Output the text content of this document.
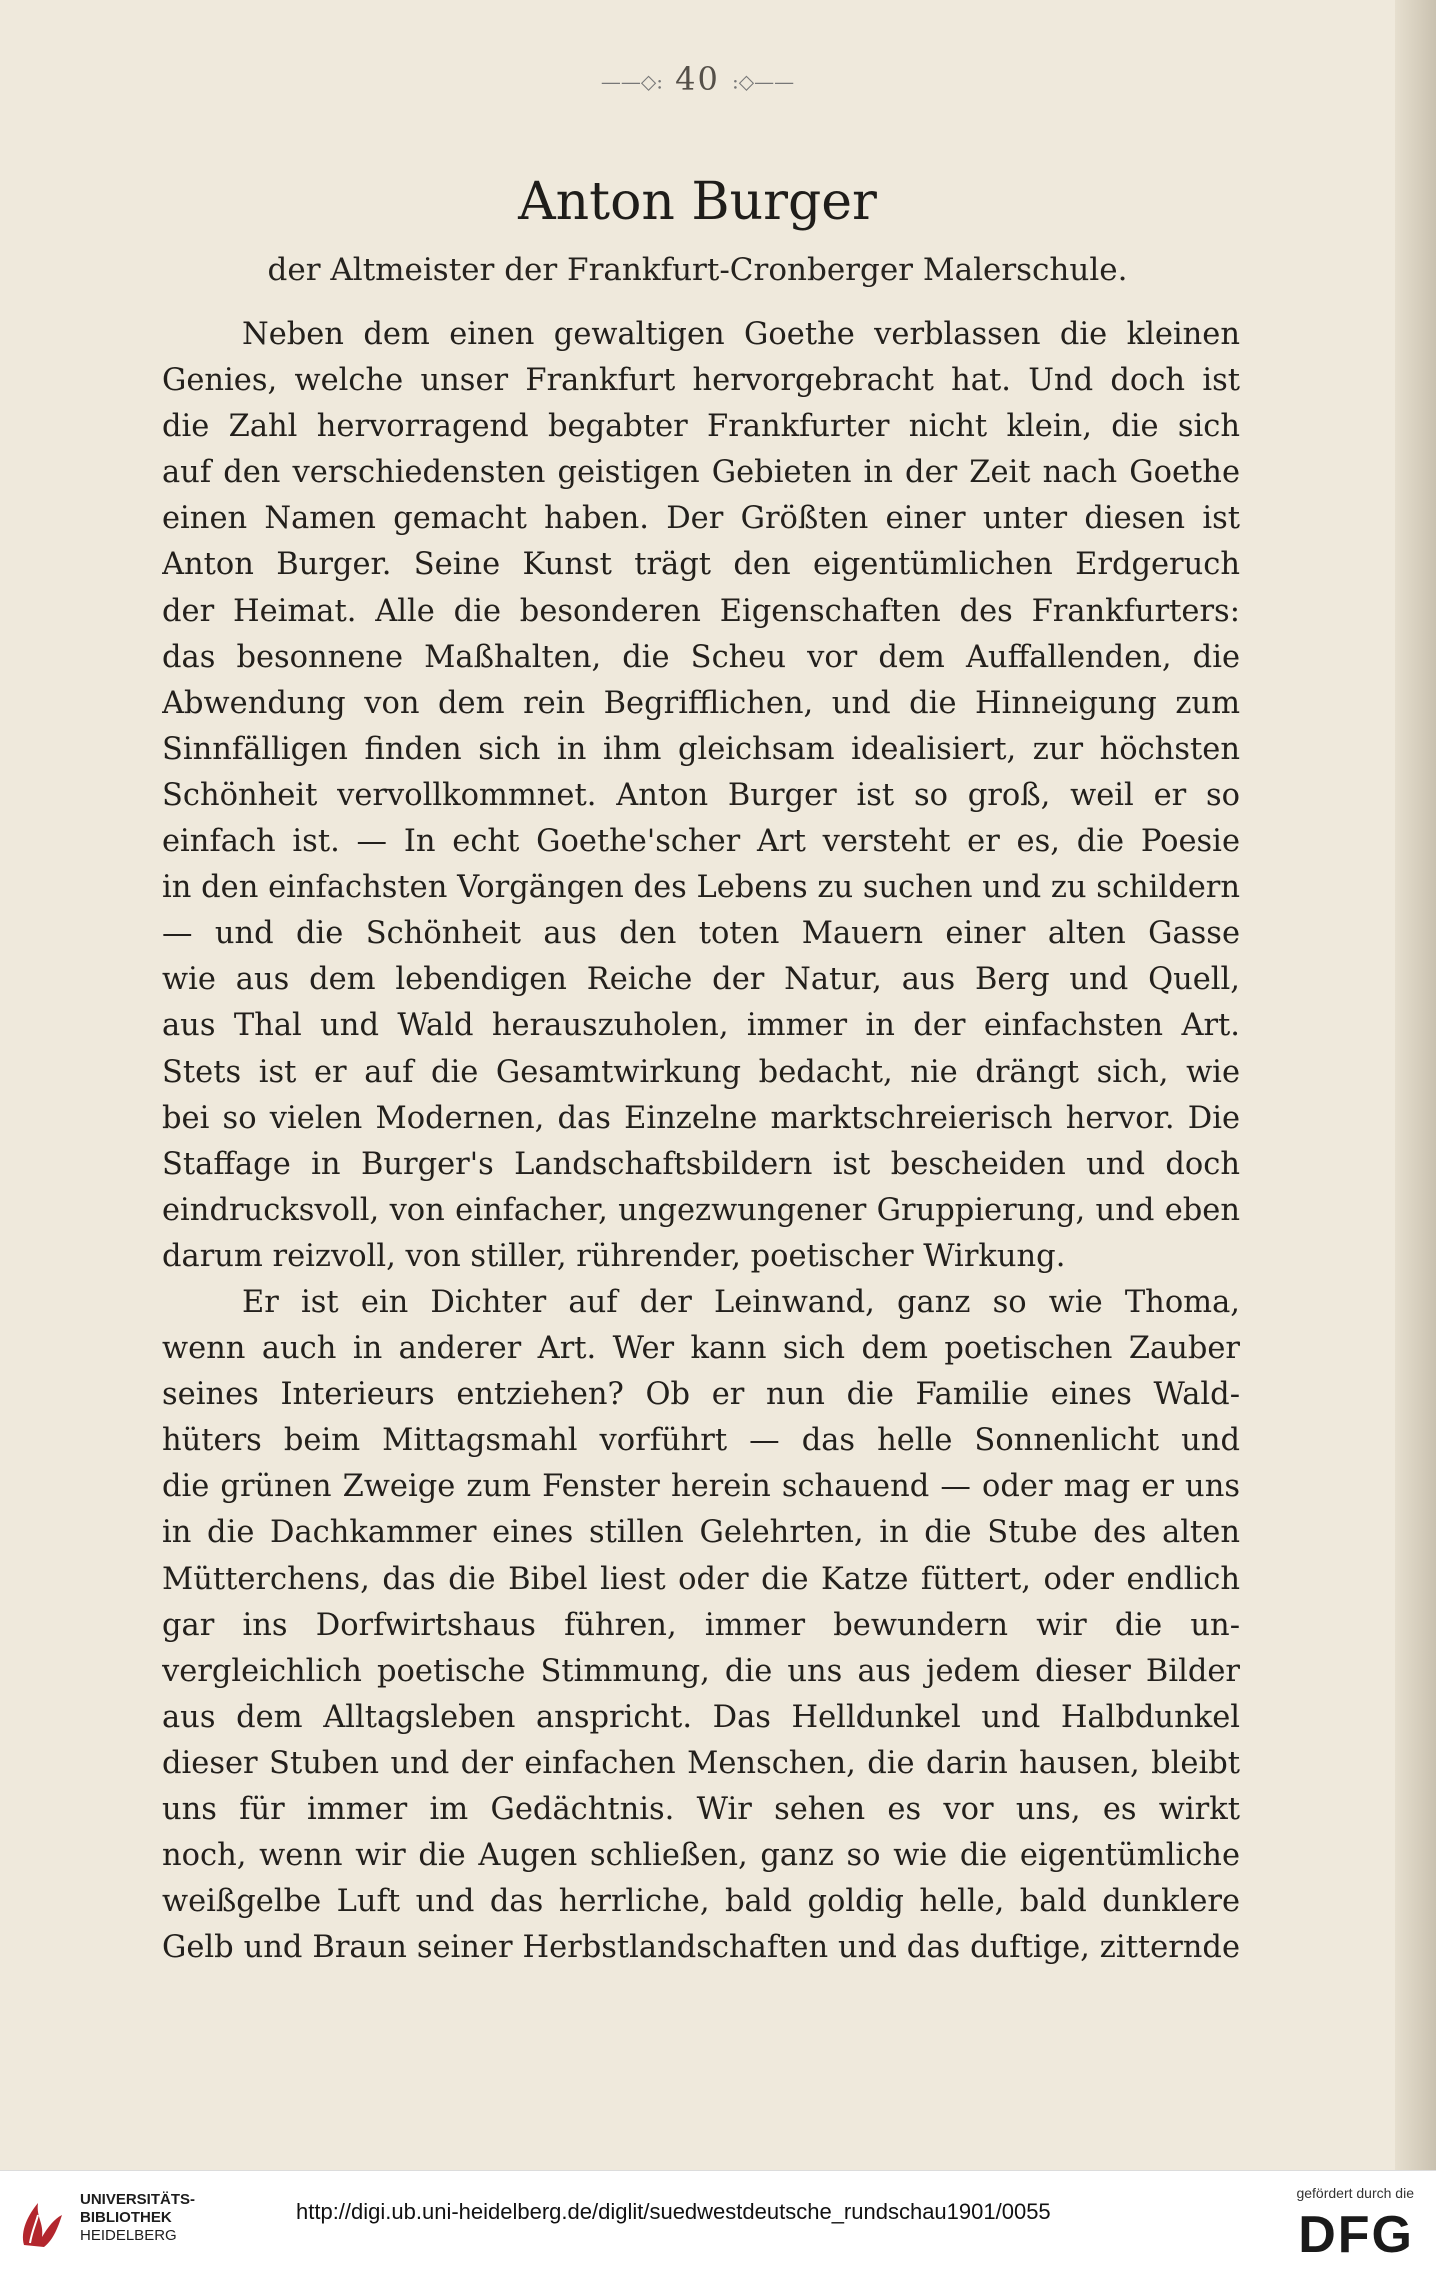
——◇: 40 :◇——
Anton Burger
der Altmeister der Frankfurt-Cronberger Malerschule.
Neben dem einen gewaltigen Goethe verblassen die kleinen
Genies, welche unser Frankfurt hervorgebracht hat. Und doch ist
die Zahl hervorragend begabter Frankfurter nicht klein, die sich
auf den verschiedensten geistigen Gebieten in der Zeit nach Goethe
einen Namen gemacht haben. Der Größten einer unter diesen ist
Anton Burger. Seine Kunst trägt den eigentümlichen Erdgeruch
der Heimat. Alle die besonderen Eigenschaften des Frankfurters:
das besonnene Maßhalten, die Scheu vor dem Auffallenden, die
Abwendung von dem rein Begrifflichen, und die Hinneigung zum
Sinnfälligen finden sich in ihm gleichsam idealisiert, zur höchsten
Schönheit vervollkommnet. Anton Burger ist so groß, weil er so
einfach ist. — In echt Goethe'scher Art versteht er es, die Poesie
in den einfachsten Vorgängen des Lebens zu suchen und zu schildern
— und die Schönheit aus den toten Mauern einer alten Gasse
wie aus dem lebendigen Reiche der Natur, aus Berg und Quell,
aus Thal und Wald herauszuholen, immer in der einfachsten Art.
Stets ist er auf die Gesamtwirkung bedacht, nie drängt sich, wie
bei so vielen Modernen, das Einzelne marktschreierisch hervor. Die
Staffage in Burger's Landschaftsbildern ist bescheiden und doch
eindrucksvoll, von einfacher, ungezwungener Gruppierung, und eben
darum reizvoll, von stiller, rührender, poetischer Wirkung.
Er ist ein Dichter auf der Leinwand, ganz so wie Thoma,
wenn auch in anderer Art. Wer kann sich dem poetischen Zauber
seines Interieurs entziehen? Ob er nun die Familie eines Wald-
hüters beim Mittagsmahl vorführt — das helle Sonnenlicht und
die grünen Zweige zum Fenster herein schauend — oder mag er uns
in die Dachkammer eines stillen Gelehrten, in die Stube des alten
Mütterchens, das die Bibel liest oder die Katze füttert, oder endlich
gar ins Dorfwirtshaus führen, immer bewundern wir die un-
vergleichlich poetische Stimmung, die uns aus jedem dieser Bilder
aus dem Alltagsleben anspricht. Das Helldunkel und Halbdunkel
dieser Stuben und der einfachen Menschen, die darin hausen, bleibt
uns für immer im Gedächtnis. Wir sehen es vor uns, es wirkt
noch, wenn wir die Augen schließen, ganz so wie die eigentümliche
weißgelbe Luft und das herrliche, bald goldig helle, bald dunklere
Gelb und Braun seiner Herbstlandschaften und das duftige, zitternde
UNIVERSITÄTS-
BIBLIOTHEK
HEIDELBERG
http://digi.ub.uni-heidelberg.de/diglit/suedwestdeutsche_rundschau1901/0055
gefördert durch die
DFG
